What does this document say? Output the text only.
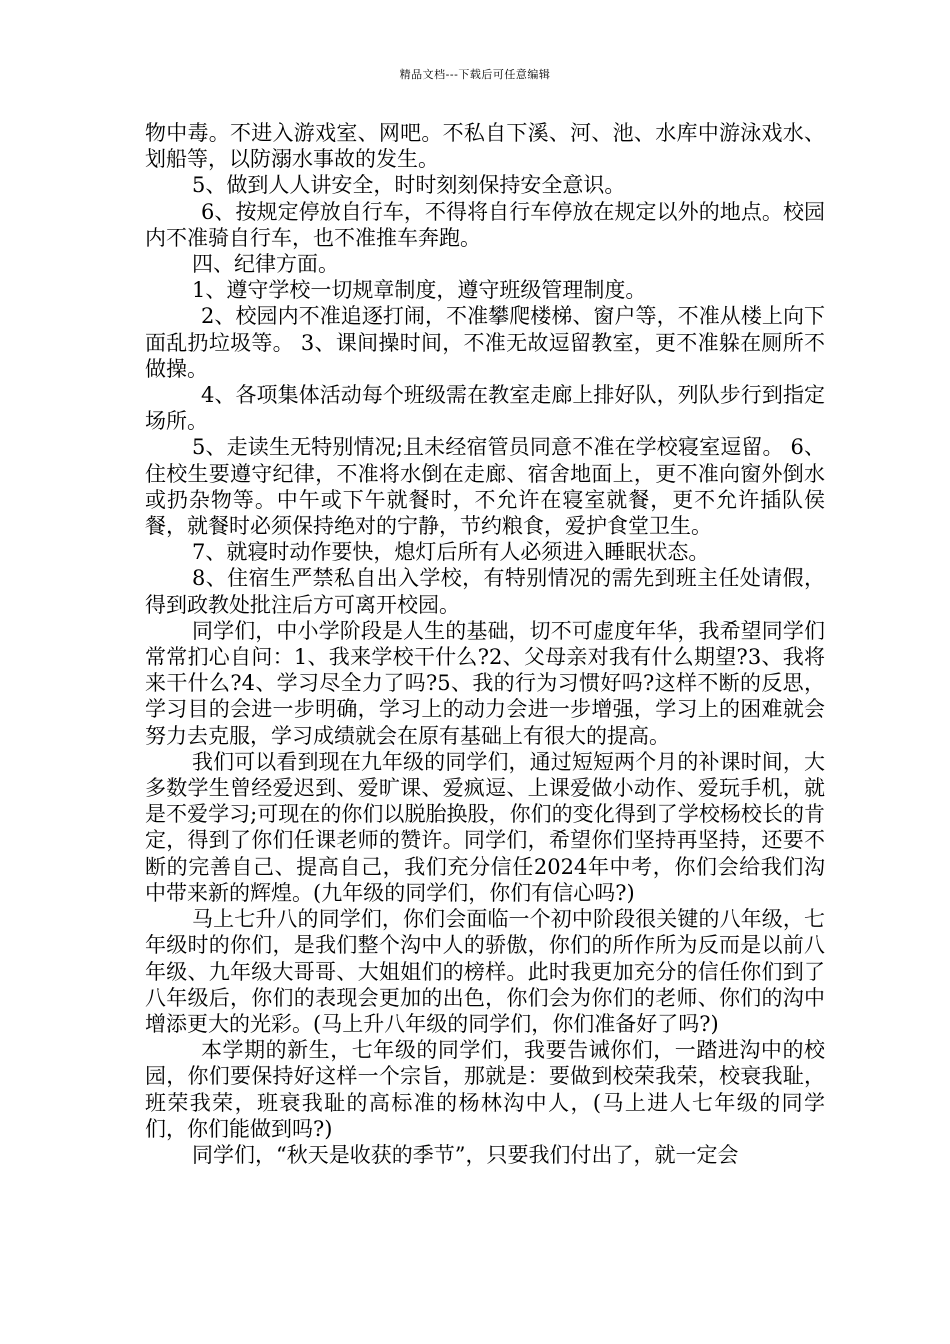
精品文档---下载后可任意编辑

物中毒。不进入游戏室、网吧。不私自下溪、河、池、水库中游泳戏水、划船等，以防溺水事故的发生。

5、做到人人讲安全，时时刻刻保持安全意识。

6、按规定停放自行车，不得将自行车停放在规定以外的地点。校园内不准骑自行车，也不准推车奔跑。

四、纪律方面。

1、遵守学校一切规章制度，遵守班级管理制度。

2、校园内不准追逐打闹，不准攀爬楼梯、窗户等，不准从楼上向下面乱扔垃圾等。 3、课间操时间，不准无故逗留教室，更不准躲在厕所不做操。

4、各项集体活动每个班级需在教室走廊上排好队，列队步行到指定场所。

5、走读生无特别情况;且未经宿管员同意不准在学校寝室逗留。 6、住校生要遵守纪律，不准将水倒在走廊、宿舍地面上，更不准向窗外倒水或扔杂物等。中午或下午就餐时，不允许在寝室就餐，更不允许插队侯餐，就餐时必须保持绝对的宁静，节约粮食，爱护食堂卫生。

7、就寝时动作要快，熄灯后所有人必须进入睡眠状态。

8、住宿生严禁私自出入学校，有特别情况的需先到班主任处请假，得到政教处批注后方可离开校园。

同学们，中小学阶段是人生的基础，切不可虚度年华，我希望同学们常常扪心自问：1、我来学校干什么?2、父母亲对我有什么期望?3、我将来干什么?4、学习尽全力了吗?5、我的行为习惯好吗?这样不断的反思，学习目的会进一步明确，学习上的动力会进一步增强，学习上的困难就会努力去克服，学习成绩就会在原有基础上有很大的提高。

我们可以看到现在九年级的同学们，通过短短两个月的补课时间，大多数学生曾经爱迟到、爱旷课、爱疯逗、上课爱做小动作、爱玩手机，就是不爱学习;可现在的你们以脱胎换股，你们的变化得到了学校杨校长的肯定，得到了你们任课老师的赞许。同学们，希望你们坚持再坚持，还要不断的完善自己、提高自己，我们充分信任2024年中考，你们会给我们沟中带来新的辉煌。(九年级的同学们，你们有信心吗?)

马上七升八的同学们，你们会面临一个初中阶段很关键的八年级，七年级时的你们，是我们整个沟中人的骄傲，你们的所作所为反而是以前八年级、九年级大哥哥、大姐姐们的榜样。此时我更加充分的信任你们到了八年级后，你们的表现会更加的出色，你们会为你们的老师、你们的沟中增添更大的光彩。(马上升八年级的同学们，你们准备好了吗?)

本学期的新生，七年级的同学们，我要告诫你们，一踏进沟中的校园，你们要保持好这样一个宗旨，那就是：要做到校荣我荣，校衰我耻，班荣我荣，班衰我耻的高标准的杨林沟中人，(马上进人七年级的同学们，你们能做到吗?)

同学们，“秋天是收获的季节”，只要我们付出了，就一定会
